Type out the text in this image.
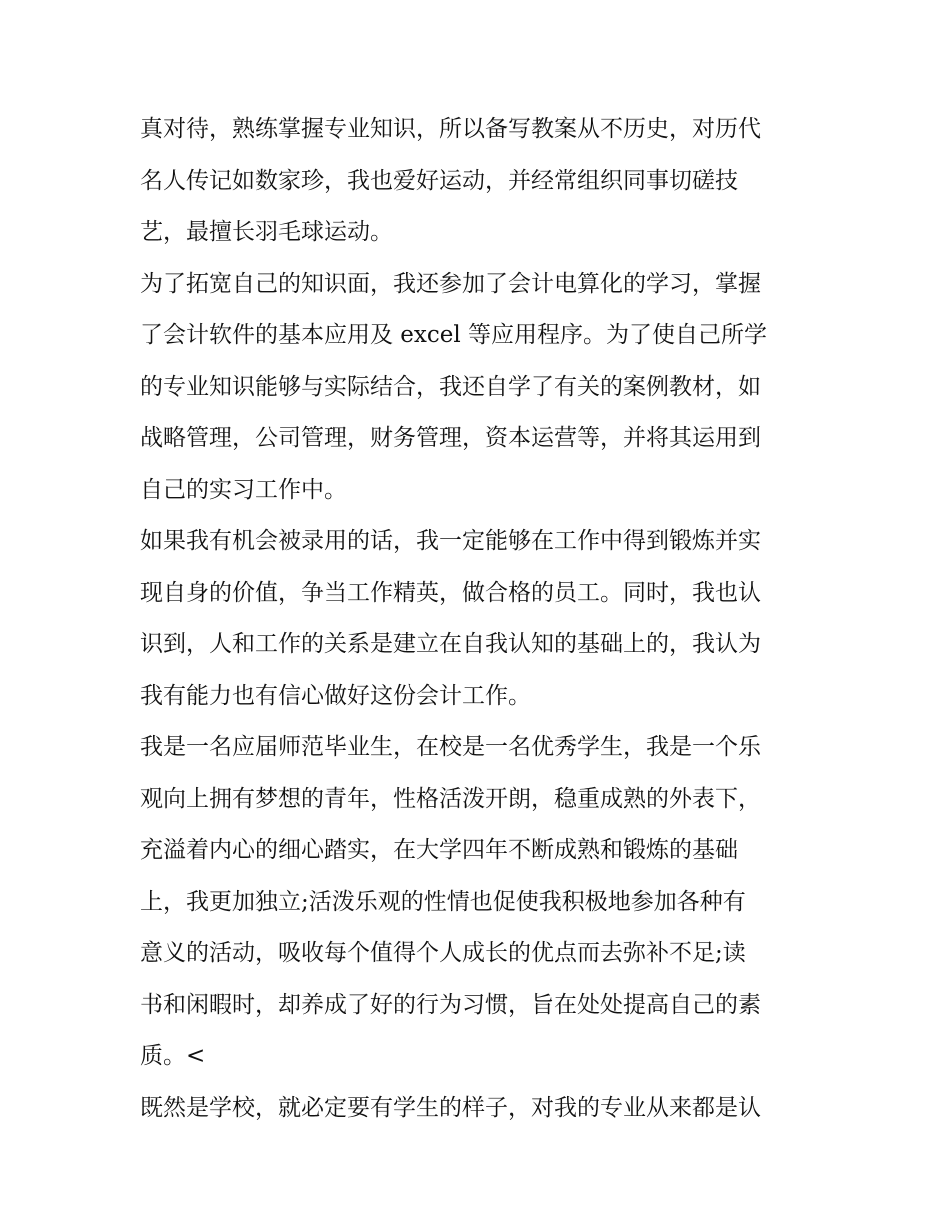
真对待，熟练掌握专业知识，所以备写教案从不历史，对历代
名人传记如数家珍，我也爱好运动，并经常组织同事切磋技
艺，最擅长羽毛球运动。
为了拓宽自己的知识面，我还参加了会计电算化的学习，掌握
了会计软件的基本应用及 excel 等应用程序。为了使自己所学
的专业知识能够与实际结合，我还自学了有关的案例教材，如
战略管理，公司管理，财务管理，资本运营等，并将其运用到
自己的实习工作中。
如果我有机会被录用的话，我一定能够在工作中得到锻炼并实
现自身的价值，争当工作精英，做合格的员工。同时，我也认
识到，人和工作的关系是建立在自我认知的基础上的，我认为
我有能力也有信心做好这份会计工作。
我是一名应届师范毕业生，在校是一名优秀学生，我是一个乐
观向上拥有梦想的青年，性格活泼开朗，稳重成熟的外表下，
充溢着内心的细心踏实，在大学四年不断成熟和锻炼的基础
上，我更加独立;活泼乐观的性情也促使我积极地参加各种有
意义的活动，吸收每个值得个人成长的优点而去弥补不足;读
书和闲暇时，却养成了好的行为习惯，旨在处处提高自己的素
质。<
既然是学校，就必定要有学生的样子，对我的专业从来都是认
